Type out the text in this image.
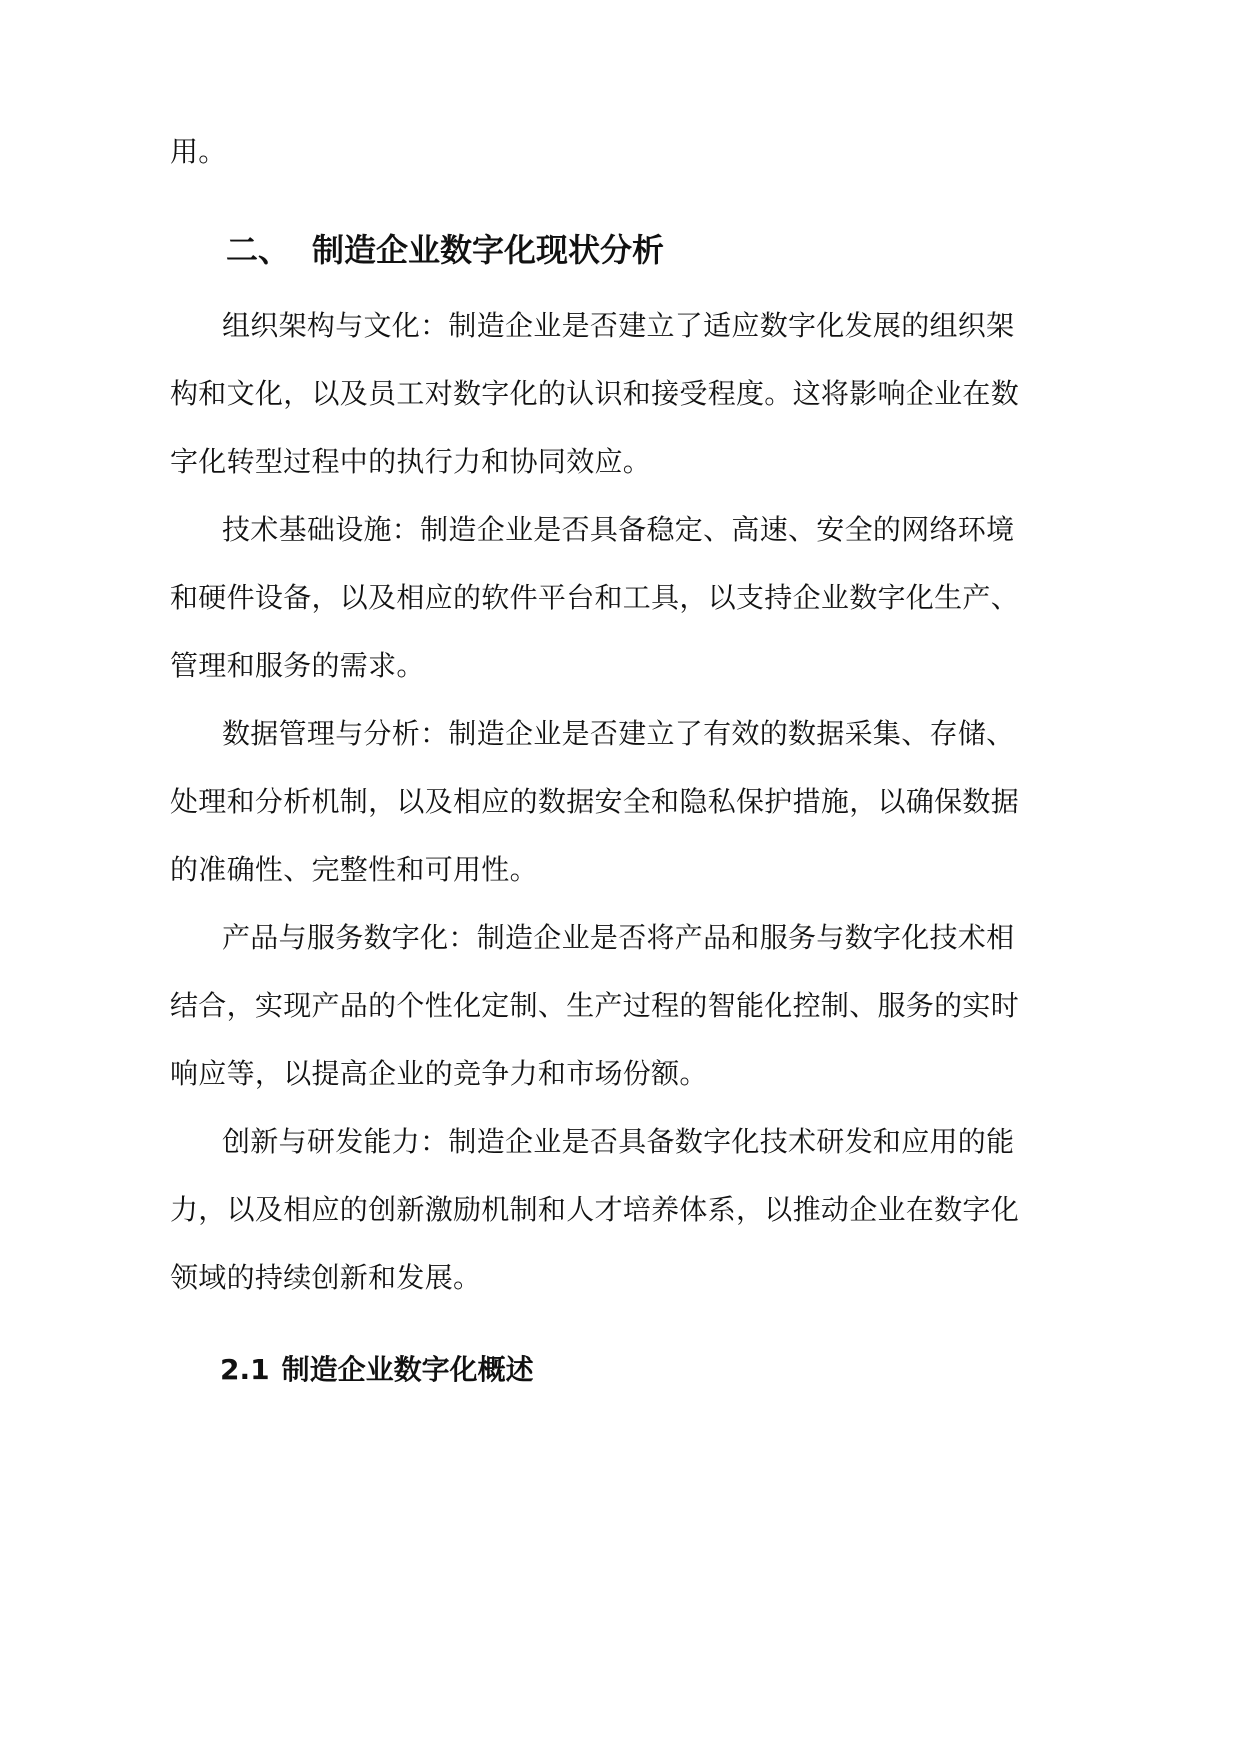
用。

二、 制造企业数字化现状分析

组织架构与文化：制造企业是否建立了适应数字化发展的组织架

构和文化，以及员工对数字化的认识和接受程度。这将影响企业在数

字化转型过程中的执行力和协同效应。

技术基础设施：制造企业是否具备稳定、高速、安全的网络环境

和硬件设备，以及相应的软件平台和工具，以支持企业数字化生产、

管理和服务的需求。

数据管理与分析：制造企业是否建立了有效的数据采集、存储、

处理和分析机制，以及相应的数据安全和隐私保护措施，以确保数据

的准确性、完整性和可用性。

产品与服务数字化：制造企业是否将产品和服务与数字化技术相

结合，实现产品的个性化定制、生产过程的智能化控制、服务的实时

响应等，以提高企业的竞争力和市场份额。

创新与研发能力：制造企业是否具备数字化技术研发和应用的能

力，以及相应的创新激励机制和人才培养体系，以推动企业在数字化

领域的持续创新和发展。

2.1 制造企业数字化概述
